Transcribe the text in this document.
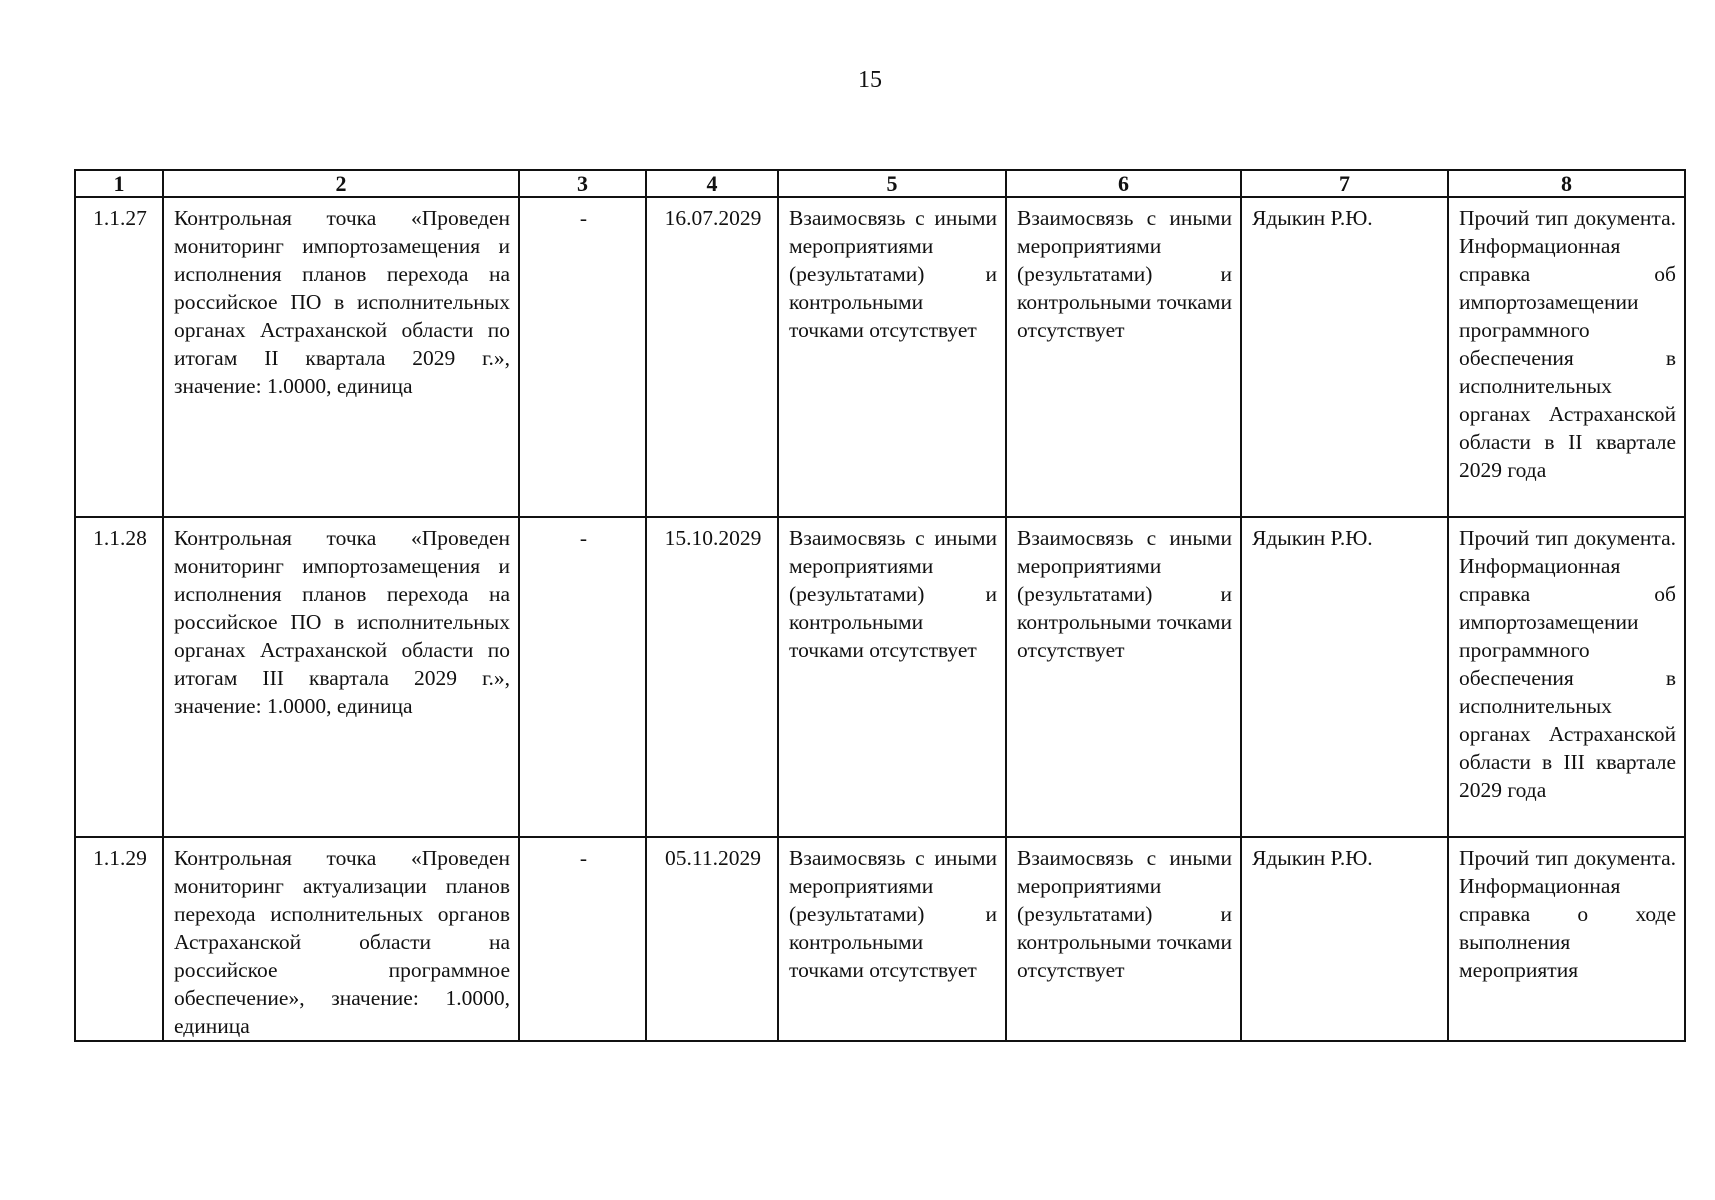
15
1	2	3	4	5	6	7	8
1.1.27	Контрольная точка «Проведен мониторинг импортозамещения и исполнения планов перехода на российское ПО в исполнительных органах Астраханской области по итогам II квартала 2029 г.», значение: 1.0000, единица	-	16.07.2029	Взаимосвязь с иными мероприятиями (результатами) и контрольными точками отсутствует	Взаимосвязь с иными мероприятиями (результатами) и контрольными точками отсутствует	Ядыкин Р.Ю.	Прочий тип документа. Информационная справка об импортозамещении программного обеспечения в исполнительных органах Астраханской области в II квартале 2029 года
1.1.28	Контрольная точка «Проведен мониторинг импортозамещения и исполнения планов перехода на российское ПО в исполнительных органах Астраханской области по итогам III квартала 2029 г.», значение: 1.0000, единица	-	15.10.2029	Взаимосвязь с иными мероприятиями (результатами) и контрольными точками отсутствует	Взаимосвязь с иными мероприятиями (результатами) и контрольными точками отсутствует	Ядыкин Р.Ю.	Прочий тип документа. Информационная справка об импортозамещении программного обеспечения в исполнительных органах Астраханской области в III квартале 2029 года
1.1.29	Контрольная точка «Проведен мониторинг актуализации планов перехода исполнительных органов Астраханской области на российское программное обеспечение», значение: 1.0000, единица	-	05.11.2029	Взаимосвязь с иными мероприятиями (результатами) и контрольными точками отсутствует	Взаимосвязь с иными мероприятиями (результатами) и контрольными точками отсутствует	Ядыкин Р.Ю.	Прочий тип документа. Информационная справка о ходе выполнения мероприятия
